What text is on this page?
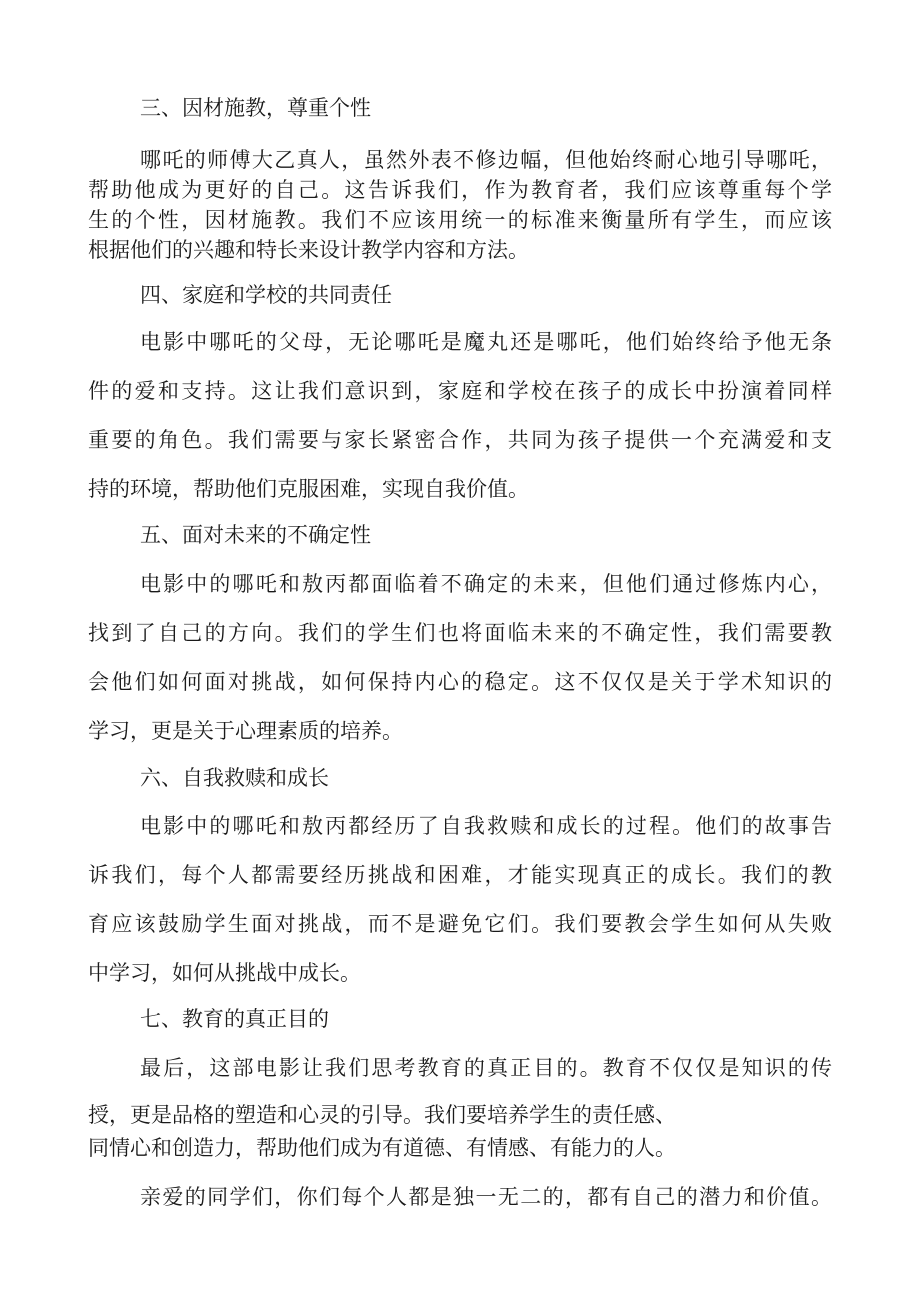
三、因材施教，尊重个性

哪吒的师傅大乙真人，虽然外表不修边幅，但他始终耐心地引导哪吒，

帮助他成为更好的自己。这告诉我们，作为教育者，我们应该尊重每个学

生的个性，因材施教。我们不应该用统一的标准来衡量所有学生，而应该

根据他们的兴趣和特长来设计教学内容和方法。

四、家庭和学校的共同责任

电影中哪吒的父母，无论哪吒是魔丸还是哪吒，他们始终给予他无条

件的爱和支持。这让我们意识到，家庭和学校在孩子的成长中扮演着同样

重要的角色。我们需要与家长紧密合作，共同为孩子提供一个充满爱和支

持的环境，帮助他们克服困难，实现自我价值。

五、面对未来的不确定性

电影中的哪吒和敖丙都面临着不确定的未来，但他们通过修炼内心，

找到了自己的方向。我们的学生们也将面临未来的不确定性，我们需要教

会他们如何面对挑战，如何保持内心的稳定。这不仅仅是关于学术知识的

学习，更是关于心理素质的培养。

六、自我救赎和成长

电影中的哪吒和敖丙都经历了自我救赎和成长的过程。他们的故事告

诉我们，每个人都需要经历挑战和困难，才能实现真正的成长。我们的教

育应该鼓励学生面对挑战，而不是避免它们。我们要教会学生如何从失败

中学习，如何从挑战中成长。

七、教育的真正目的

最后，这部电影让我们思考教育的真正目的。教育不仅仅是知识的传

授，更是品格的塑造和心灵的引导。我们要培养学生的责任感、

同情心和创造力，帮助他们成为有道德、有情感、有能力的人。

亲爱的同学们，你们每个人都是独一无二的，都有自己的潜力和价值。
